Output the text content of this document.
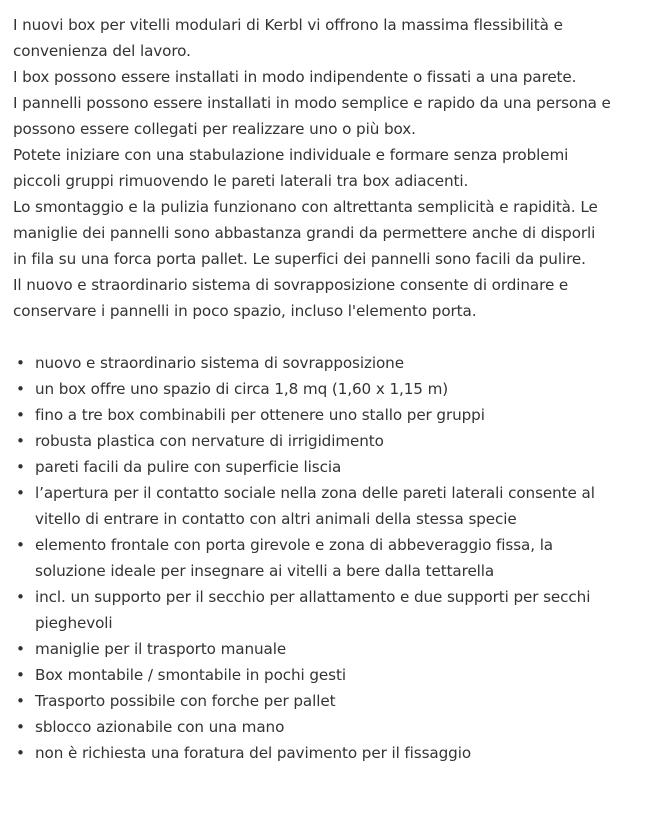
I nuovi box per vitelli modulari di Kerbl vi offrono la massima flessibilità e convenienza del lavoro.
I box possono essere installati in modo indipendente o fissati a una parete.
I pannelli possono essere installati in modo semplice e rapido da una persona e possono essere collegati per realizzare uno o più box.
Potete iniziare con una stabulazione individuale e formare senza problemi piccoli gruppi rimuovendo le pareti laterali tra box adiacenti.
Lo smontaggio e la pulizia funzionano con altrettanta semplicità e rapidità. Le maniglie dei pannelli sono abbastanza grandi da permettere anche di disporli in fila su una forca porta pallet. Le superfici dei pannelli sono facili da pulire.
Il nuovo e straordinario sistema di sovrapposizione consente di ordinare e conservare i pannelli in poco spazio, incluso l'elemento porta.

• nuovo e straordinario sistema di sovrapposizione
• un box offre uno spazio di circa 1,8 mq (1,60 x 1,15 m)
• fino a tre box combinabili per ottenere uno stallo per gruppi
• robusta plastica con nervature di irrigidimento
• pareti facili da pulire con superficie liscia
• l’apertura per il contatto sociale nella zona delle pareti laterali consente al vitello di entrare in contatto con altri animali della stessa specie
• elemento frontale con porta girevole e zona di abbeveraggio fissa, la soluzione ideale per insegnare ai vitelli a bere dalla tettarella
• incl. un supporto per il secchio per allattamento e due supporti per secchi pieghevoli
• maniglie per il trasporto manuale
• Box montabile / smontabile in pochi gesti
• Trasporto possibile con forche per pallet
• sblocco azionabile con una mano
• non è richiesta una foratura del pavimento per il fissaggio
